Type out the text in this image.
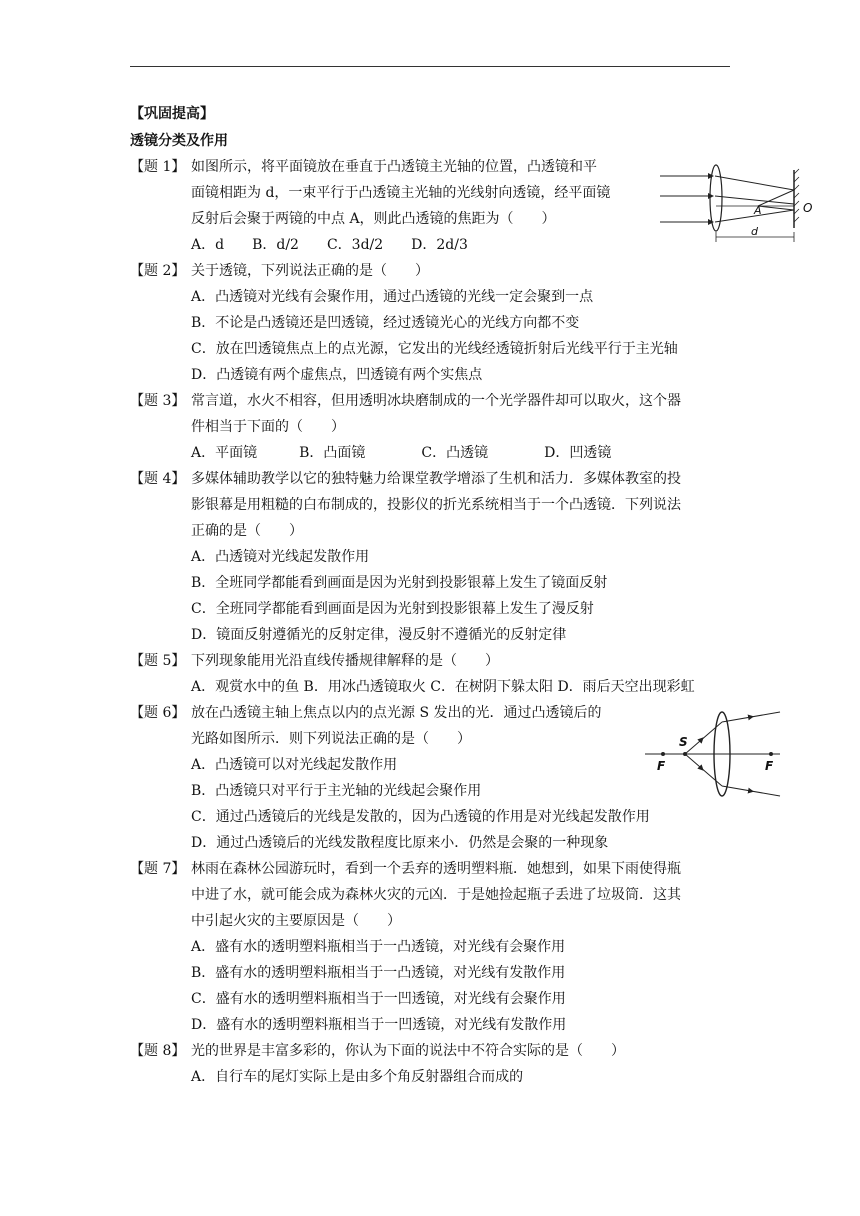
【巩固提高】
透镜分类及作用
【题 1】 如图所示，将平面镜放在垂直于凸透镜主光轴的位置，凸透镜和平
面镜相距为 d，一束平行于凸透镜主光轴的光线射向透镜，经平面镜
反射后会聚于两镜的中点 A，则此凸透镜的焦距为（　　）
A．d　　B．d/2　　C．3d/2　　D．2d/3
A	O
d
【题 2】 关于透镜，下列说法正确的是（　　）
A．凸透镜对光线有会聚作用，通过凸透镜的光线一定会聚到一点
B．不论是凸透镜还是凹透镜，经过透镜光心的光线方向都不变
C．放在凹透镜焦点上的点光源，它发出的光线经透镜折射后光线平行于主光轴
D．凸透镜有两个虚焦点，凹透镜有两个实焦点
【题 3】 常言道，水火不相容，但用透明冰块磨制成的一个光学器件却可以取火，这个器
件相当于下面的（　　）
A．平面镜　　　B．凸面镜　　　　C．凸透镜　　　　D．凹透镜
【题 4】 多媒体辅助教学以它的独特魅力给课堂教学增添了生机和活力．多媒体教室的投
影银幕是用粗糙的白布制成的，投影仪的折光系统相当于一个凸透镜．下列说法
正确的是（　　）
A．凸透镜对光线起发散作用
B．全班同学都能看到画面是因为光射到投影银幕上发生了镜面反射
C．全班同学都能看到画面是因为光射到投影银幕上发生了漫反射
D．镜面反射遵循光的反射定律，漫反射不遵循光的反射定律
【题 5】 下列现象能用光沿直线传播规律解释的是（　　）
A．观赏水中的鱼 B．用冰凸透镜取火 C．在树阴下躲太阳 D．雨后天空出现彩虹
【题 6】 放在凸透镜主轴上焦点以内的点光源 S 发出的光．通过凸透镜后的
光路如图所示．则下列说法正确的是（　　）
A．凸透镜可以对光线起发散作用
B．凸透镜只对平行于主光轴的光线起会聚作用
C．通过凸透镜后的光线是发散的，因为凸透镜的作用是对光线起发散作用
D．通过凸透镜后的光线发散程度比原来小．仍然是会聚的一种现象
F	F
S
【题 7】 林雨在森林公园游玩时，看到一个丢弃的透明塑料瓶．她想到，如果下雨使得瓶
中进了水，就可能会成为森林火灾的元凶．于是她捡起瓶子丢进了垃圾筒．这其
中引起火灾的主要原因是（　　）
A．盛有水的透明塑料瓶相当于一凸透镜，对光线有会聚作用
B．盛有水的透明塑料瓶相当于一凸透镜，对光线有发散作用
C．盛有水的透明塑料瓶相当于一凹透镜，对光线有会聚作用
D．盛有水的透明塑料瓶相当于一凹透镜，对光线有发散作用
【题 8】 光的世界是丰富多彩的，你认为下面的说法中不符合实际的是（　　）
A．自行车的尾灯实际上是由多个角反射器组合而成的
